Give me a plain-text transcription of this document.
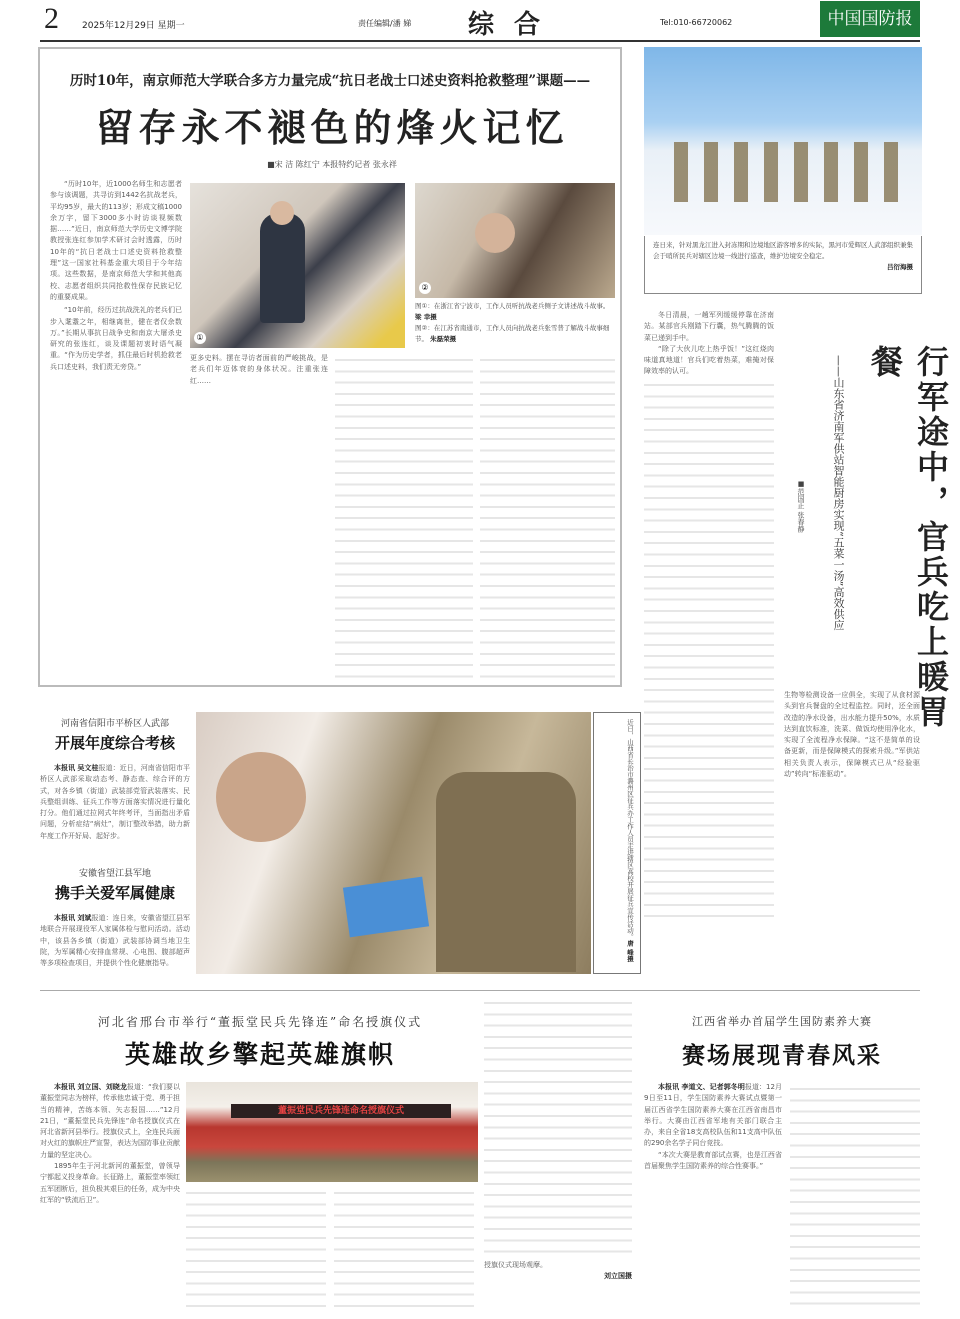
2	2025年12月29日 星期一	责任编辑/潘 娣 综合	Tel:010-66720062	中国国防报
历时10年，南京师范大学联合多方力量完成“抗日老战士口述史资料抢救整理”课题——
留存永不褪色的烽火记忆
■宋 洁 陈红宁 本报特约记者 张永祥

“历时10年，近1000名师生和志愿者参与该调题，共寻访到1442名抗战老兵，平均95岁，最大的113岁；形成文稿1000余万字，留下3000多小时访谈视频数据……”近日，南京师范大学历史文博学院教授张连红参加学术研讨会时透露，历时10年的“抗日老战士口述史资料抢救整理”这一国家社科基金重大项目于今年结项。这些数据，是南京师范大学和其他高校、志愿者组织共同抢救性保存民族记忆的重要成果。

“10年前，经历过抗战洗礼的老兵们已步入耄耋之年，相继离世，健在者仅余数万。”长期从事抗日战争史和南京大屠杀史研究的张连红，谈及课题初衷时语气凝重。“作为历史学者，抓住最后时机抢救老兵口述史料，我们责无旁贷。”

①
②
图①：在浙江省宁波市，工作人员听抗战老兵侧子文讲述战斗故事。 梁 幸摄
图②：在江苏省南通市，工作人员向抗战老兵张雪普了解战斗故事细节。 朱磊荣摄

更多史料。摆在寻访者面前的严峻挑战，是老兵们年迈体衰的身体状况。注重张连红……

连日来，针对黑龙江进入封冻期和边境地区游客增多的实际，黑河市爱辉区人武部组织兼集会于哨所民兵对辖区边境一线进行巡查，维护边境安全稳定。
吕衍海摄

冬日清晨，一趟军列缓缓停靠在济南站。某部官兵刚踏下行囊，热气腾腾的饭菜已递到手中。

“除了大伙儿吃上热乎饭！”这红烧肉味道真地道！官兵们吃着热菜，难掩对保障效率的认可。	行军途中，官兵吃上暖胃餐
——山东省济南军供站智能厨房实现“五菜一汤”高效供应
■范国正 张春静

生物等检测设备一应俱全，实现了从食材源头到官兵餐盘的全过程监控。同时，还全面改造的净水设备，出水能力提升50%，水质达到直饮标准，洗菜、做饭均使用净化水，实现了全流程净水保障。“这不是简单的设备更新，而是保障模式的探索升级。”军供站相关负责人表示，保障模式已从“经验驱动”转向“标准驱动”。

河南省信阳市平桥区人武部
开展年度综合考核

本报讯 吴文桂报道：近日，河南省信阳市平桥区人武部采取动态考、静态查、综合评的方式，对各乡镇（街道）武装部党管武装落实、民兵整组训练、征兵工作等方面落实情况进行量化打分。他们通过拉网式年终考评，当面指出矛盾问题，分析症结“病灶”，制订整改举措，助力新年度工作开好局、起好步。

安徽省望江县军地
携手关爱军属健康

本报讯 刘斌报道：连日来，安徽省望江县军地联合开展现役军人家属体检与慰问活动。活动中，该县各乡镇（街道）武装部协调当地卫生院，为军属精心安排血常规、心电图、腹部超声等多项检查项目，并提供个性化健康指导。

近日，山西省长治市潞州区征兵办工作人员走进辖区高校开展征兵宣传活动。唐 峰摄
河北省邢台市举行“董振堂民兵先锋连”命名授旗仪式
英雄故乡擎起英雄旗帜

本报讯 刘立国、刘晓龙报道：“我们要以董振堂同志为榜样，传承他忠诚于党、勇于担当的精神，苦练本领、矢志报国……”12月21日，“董振堂民兵先锋连”命名授旗仪式在河北省新河县举行。授旗仪式上，全连民兵面对火红的旗帜庄严宣誓，表达为国防事业贡献力量的坚定决心。

1895年生于河北新河的董振堂，曾领导宁都起义投身革命。长征路上，董振堂率领红五军团断后，担负极其艰巨的任务，成为中央红军的“铁流后卫”。

董振堂民兵先锋连命名授旗仪式

授旗仪式现场观摩。

刘立国摄

江西省举办首届学生国防素养大赛
赛场展现青春风采

本报讯 李道文、记者郭冬明报道：12月9日至11日，学生国防素养大赛试点暨第一届江西省学生国防素养大赛在江西省南昌市举行。大赛由江西省军地有关部门联合主办，来自全省18支高校队伍和11支高中队伍的290余名学子同台竞技。

“本次大赛是教育部试点赛，也是江西省首届聚焦学生国防素养的综合性赛事。”
